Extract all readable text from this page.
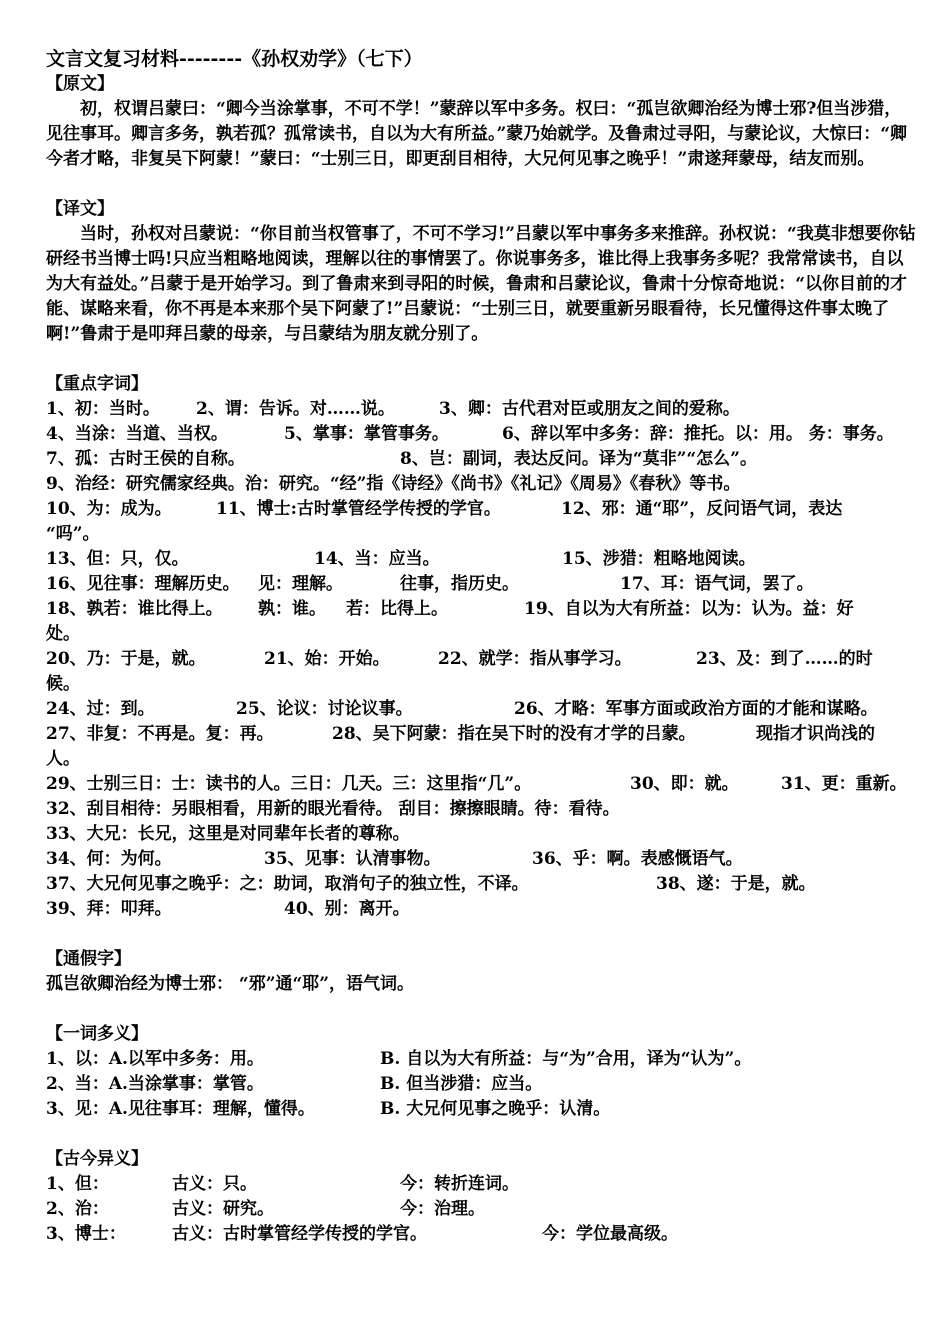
文言文复习材料--------《孙权劝学》（七下）
【原文】
初，权谓吕蒙曰：“卿今当涂掌事，不可不学！”蒙辞以军中多务。权曰：“孤岂欲卿治经为博士邪?但当涉猎，见往事耳。卿言多务，孰若孤？孤常读书，自以为大有所益。”蒙乃始就学。及鲁肃过寻阳，与蒙论议，大惊曰：“卿今者才略，非复吴下阿蒙！”蒙曰：“士别三日，即更刮目相待，大兄何见事之晚乎！”肃遂拜蒙母，结友而别。
【译文】
当时，孙权对吕蒙说：“你目前当权管事了，不可不学习!”吕蒙以军中事务多来推辞。孙权说：“我莫非想要你钻研经书当博士吗!只应当粗略地阅读，理解以往的事情罢了。你说事务多，谁比得上我事务多呢？我常常读书，自以为大有益处。”吕蒙于是开始学习。到了鲁肃来到寻阳的时候，鲁肃和吕蒙论议，鲁肃十分惊奇地说：“以你目前的才能、谋略来看，你不再是本来那个吴下阿蒙了!”吕蒙说：“士别三日，就要重新另眼看待，长兄懂得这件事太晚了啊!”鲁肃于是叩拜吕蒙的母亲，与吕蒙结为朋友就分别了。
【重点字词】
1、初：当时。 2、谓：告诉。对……说。	3、卿：古代君对臣或朋友之间的爱称。
4、当涂：当道、当权。	5、掌事：掌管事务。	6、辞以军中多务：辞：推托。以：用。 务：事务。
7、孤：古时王侯的自称。	8、岂：副词，表达反问。译为“莫非”“怎么”。
9、治经：研究儒家经典。治：研究。“经”指《诗经》《尚书》《礼记》《周易》《春秋》等书。
10、为：成为。	11、博士:古时掌管经学传授的学官。	12、邪：通“耶”，反问语气词，表达
“吗”。
13、但：只，仅。	14、当：应当。	15、涉猎：粗略地阅读。
16、见往事：理解历史。 见：理解。	往事，指历史。	17、耳：语气词，罢了。
18、孰若：谁比得上。 孰：谁。 若：比得上。	19、自以为大有所益：以为：认为。益：好
处。
20、乃：于是，就。	21、始：开始。	22、就学：指从事学习。	23、及：到了……的时
候。
24、过：到。	25、论议：讨论议事。	26、才略：军事方面或政治方面的才能和谋略。
27、非复：不再是。复：再。	28、吴下阿蒙：指在吴下时的没有才学的吕蒙。	现指才识尚浅的
人。
29、士别三日：士：读书的人。三日：几天。三：这里指“几”。	30、即：就。 31、更：重新。
32、刮目相待：另眼相看，用新的眼光看待。 刮目：擦擦眼睛。待：看待。
33、大兄：长兄，这里是对同辈年长者的尊称。
34、何：为何。	35、见事：认清事物。	36、乎：啊。表感慨语气。
37、大兄何见事之晚乎：之：助词，取消句子的独立性，不译。	38、遂：于是，就。
39、拜：叩拜。	40、别：离开。
【通假字】
孤岂欲卿治经为博士邪： “邪”通“耶”，语气词。
【一词多义】
1、以：A.以军中多务：用。	B. 自以为大有所益：与“为”合用，译为“认为”。
2、当：A.当涂掌事：掌管。	B. 但当涉猎：应当。
3、见：A.见往事耳：理解，懂得。	B. 大兄何见事之晚乎：认清。
【古今异义】
1、但：	古义：只。	今：转折连词。
2、治：	古义：研究。	今：治理。
3、博士：	古义：古时掌管经学传授的学官。	今：学位最高级。
